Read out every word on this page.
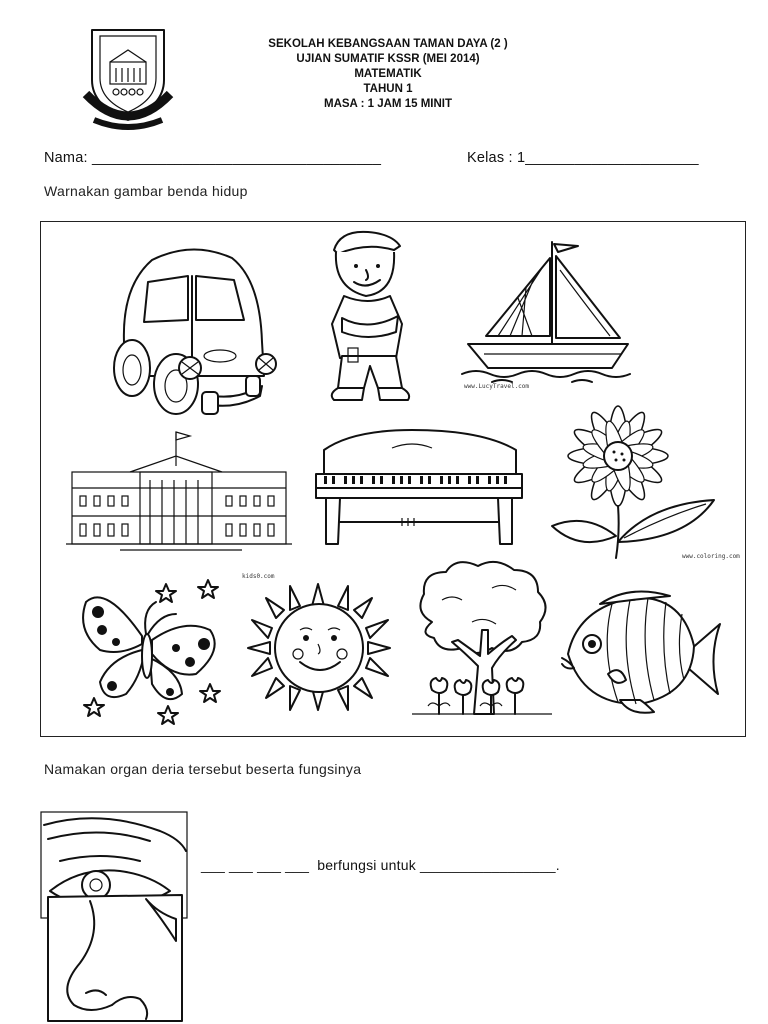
SEKOLAH KEBANGSAAN TAMAN DAYA (2 )
UJIAN SUMATIF KSSR (MEI 2014)
MATEMATIK
TAHUN 1
MASA : 1 JAM 15 MINIT
Nama: ___________________________________	Kelas : 1_____________________
Warnakan gambar benda hidup
www.LucyTravel.com
www.coloring.com
kids0.com
Namakan organ deria tersebut beserta fungsinya
___ ___ ___ ___ berfungsi untuk _________________.
